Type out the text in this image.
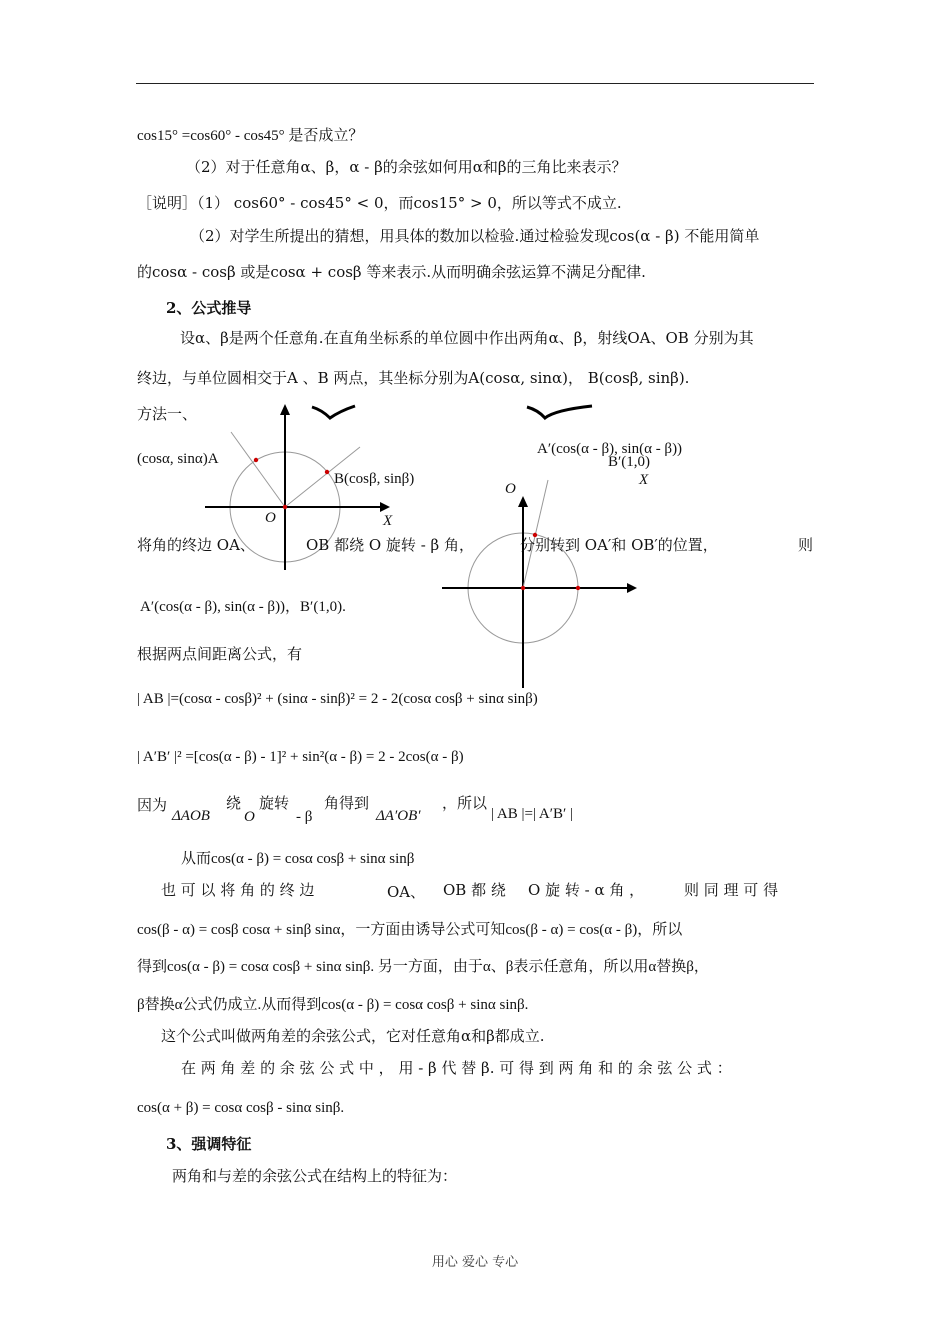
cos15° =cos60° - cos45° 是否成立？
（2）对于任意角α、β，α - β的余弦如何用α和β的三角比来表示？
［说明］（1） cos60° - cos45° < 0，而cos15° > 0，所以等式不成立.
（2）对学生所提出的猜想，用具体的数加以检验.通过检验发现cos(α - β) 不能用简单
的cosα - cosβ 或是cosα + cosβ 等来表示.从而明确余弦运算不满足分配律.
2、公式推导
设α、β是两个任意角.在直角坐标系的单位圆中作出两角α、β，射线OA、OB 分别为其
终边，与单位圆相交于A 、B 两点，其坐标分别为A(cosα, sinα)， B(cosβ, sinβ).
方法一、
(cosα, sinα)A
B(cosβ, sinβ)
O	X
A′(cos(α - β), sin(α - β))
B′(1,0)
O
X
将角的终边 OA、	OB 都绕 O 旋转 - β 角，	分别转到 OA′和 OB′的位置，	则
A′(cos(α - β), sin(α - β))，B′(1,0).
根据两点间距离公式，有
| AB |=(cosα - cosβ)² + (sinα - sinβ)² = 2 - 2(cosα cosβ + sinα sinβ)
| A′B′ |² =[cos(α - β) - 1]² + sin²(α - β) = 2 - 2cos(α - β)
因为
ΔAOB
绕
O
旋转
- β
角得到
ΔA′OB′
，所以
| AB |=| A′B′ |
从而cos(α - β) = cosα cosβ + sinα sinβ
也 可 以 将 角 的 终 边	OA、 OB 都 绕 O 旋 转 - α 角 ，	则 同 理 可 得
cos(β - α) = cosβ cosα + sinβ sinα，一方面由诱导公式可知cos(β - α) = cos(α - β)，所以
得到cos(α - β) = cosα cosβ + sinα sinβ. 另一方面，由于α、β表示任意角，所以用α替换β，
β替换α公式仍成立.从而得到cos(α - β) = cosα cosβ + sinα sinβ.
这个公式叫做两角差的余弦公式，它对任意角α和β都成立.
在 两 角 差 的 余 弦 公 式 中 ， 用 - β 代 替 β. 可 得 到 两 角 和 的 余 弦 公 式 ：
cos(α + β) = cosα cosβ - sinα sinβ.
3、强调特征
两角和与差的余弦公式在结构上的特征为：
用心 爱心 专心
